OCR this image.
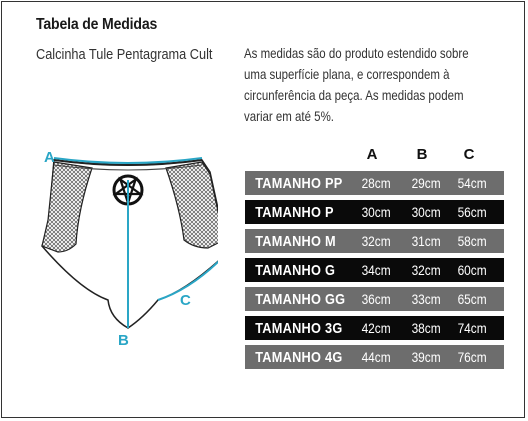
Tabela de Medidas
Calcinha Tule Pentagrama Cult	As medidas são do produto estendido sobre uma superfície plana, e correspondem à circunferência da peça. As medidas podem variar em até 5%.
A
B
C
A	B	C
TAMANHO PP	28cm	29cm	54cm
TAMANHO P	30cm	30cm	56cm
TAMANHO M	32cm	31cm	58cm
TAMANHO G	34cm	32cm	60cm
TAMANHO GG	36cm	33cm	65cm
TAMANHO 3G	42cm	38cm	74cm
TAMANHO 4G	44cm	39cm	76cm
